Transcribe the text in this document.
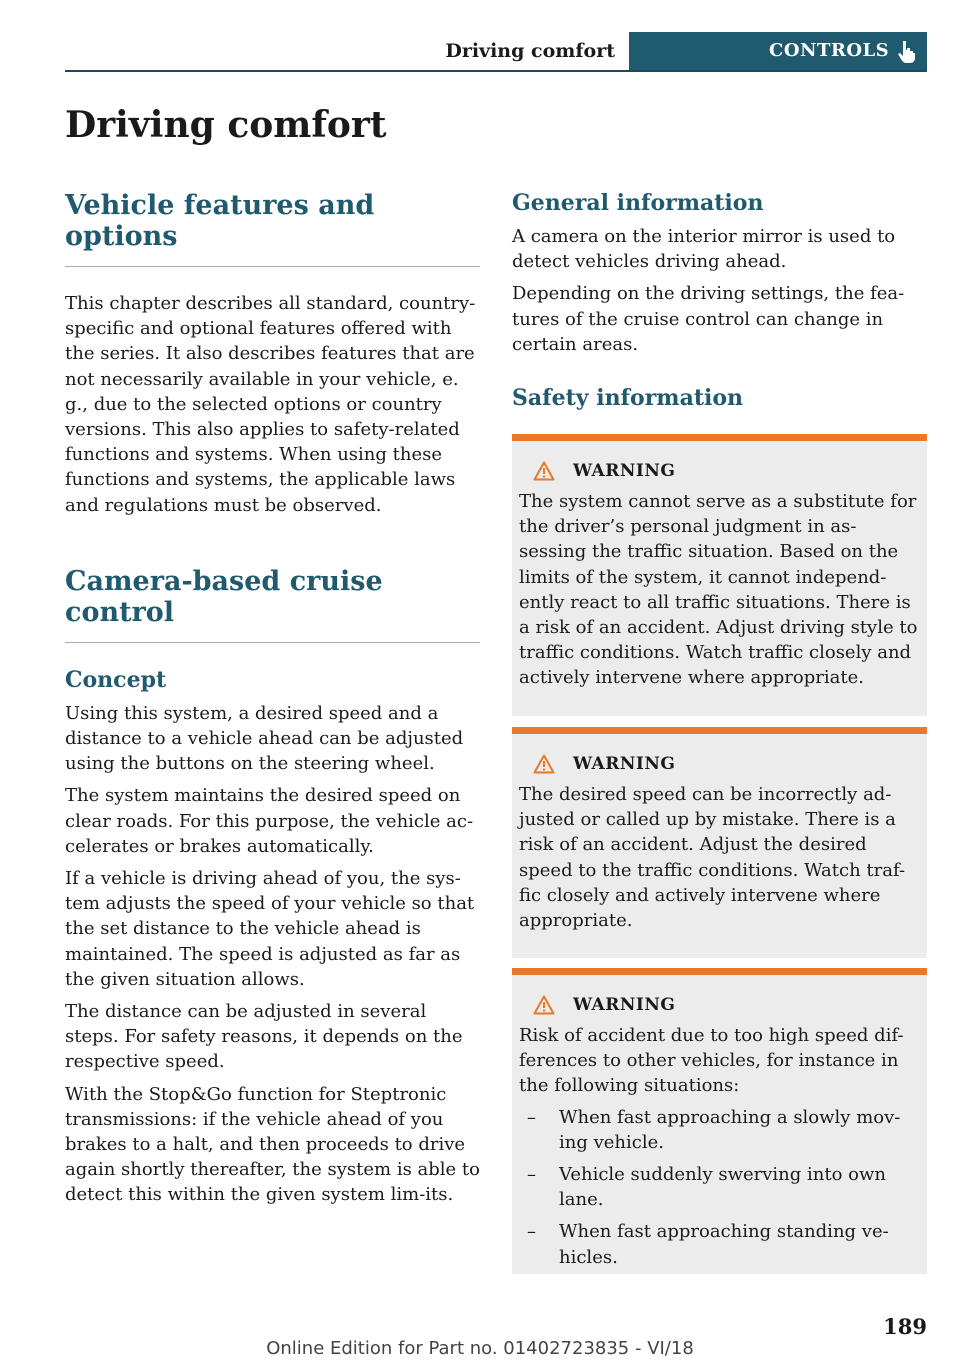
Driving comfort	CONTROLS
Driving comfort
Vehicle features and options

This chapter describes all standard, country-specific and optional features offered with the series. It also describes features that are not necessarily available in your vehicle, e. g., due to the selected options or country versions. This also applies to safety-related functions and systems. When using these functions and systems, the applicable laws and regulations must be observed.

Camera-based cruise control
Concept

Using this system, a desired speed and a distance to a vehicle ahead can be adjusted using the buttons on the steering wheel.

The system maintains the desired speed on clear roads. For this purpose, the vehicle ac-celerates or brakes automatically.

If a vehicle is driving ahead of you, the sys-tem adjusts the speed of your vehicle so that the set distance to the vehicle ahead is maintained. The speed is adjusted as far as the given situation allows.

The distance can be adjusted in several steps. For safety reasons, it depends on the respective speed.

With the Stop&Go function for Steptronic transmissions: if the vehicle ahead of you brakes to a halt, and then proceeds to drive again shortly thereafter, the system is able to detect this within the given system lim-its.

General information

A camera on the interior mirror is used to detect vehicles driving ahead.

Depending on the driving settings, the fea-tures of the cruise control can change in certain areas.

Safety information
WARNING

The system cannot serve as a substitute for the driver’s personal judgment in as-sessing the traffic situation. Based on the limits of the system, it cannot independ-ently react to all traffic situations. There is a risk of an accident. Adjust driving style to traffic conditions. Watch traffic closely and actively intervene where appropriate.

WARNING

The desired speed can be incorrectly ad-justed or called up by mistake. There is a risk of an accident. Adjust the desired speed to the traffic conditions. Watch traf-fic closely and actively intervene where appropriate.

WARNING

Risk of accident due to too high speed dif-ferences to other vehicles, for instance in the following situations:

– When fast approaching a slowly mov-ing vehicle.
– Vehicle suddenly swerving into own lane.
– When fast approaching standing ve-hicles.
189
Online Edition for Part no. 01402723835 - VI/18
